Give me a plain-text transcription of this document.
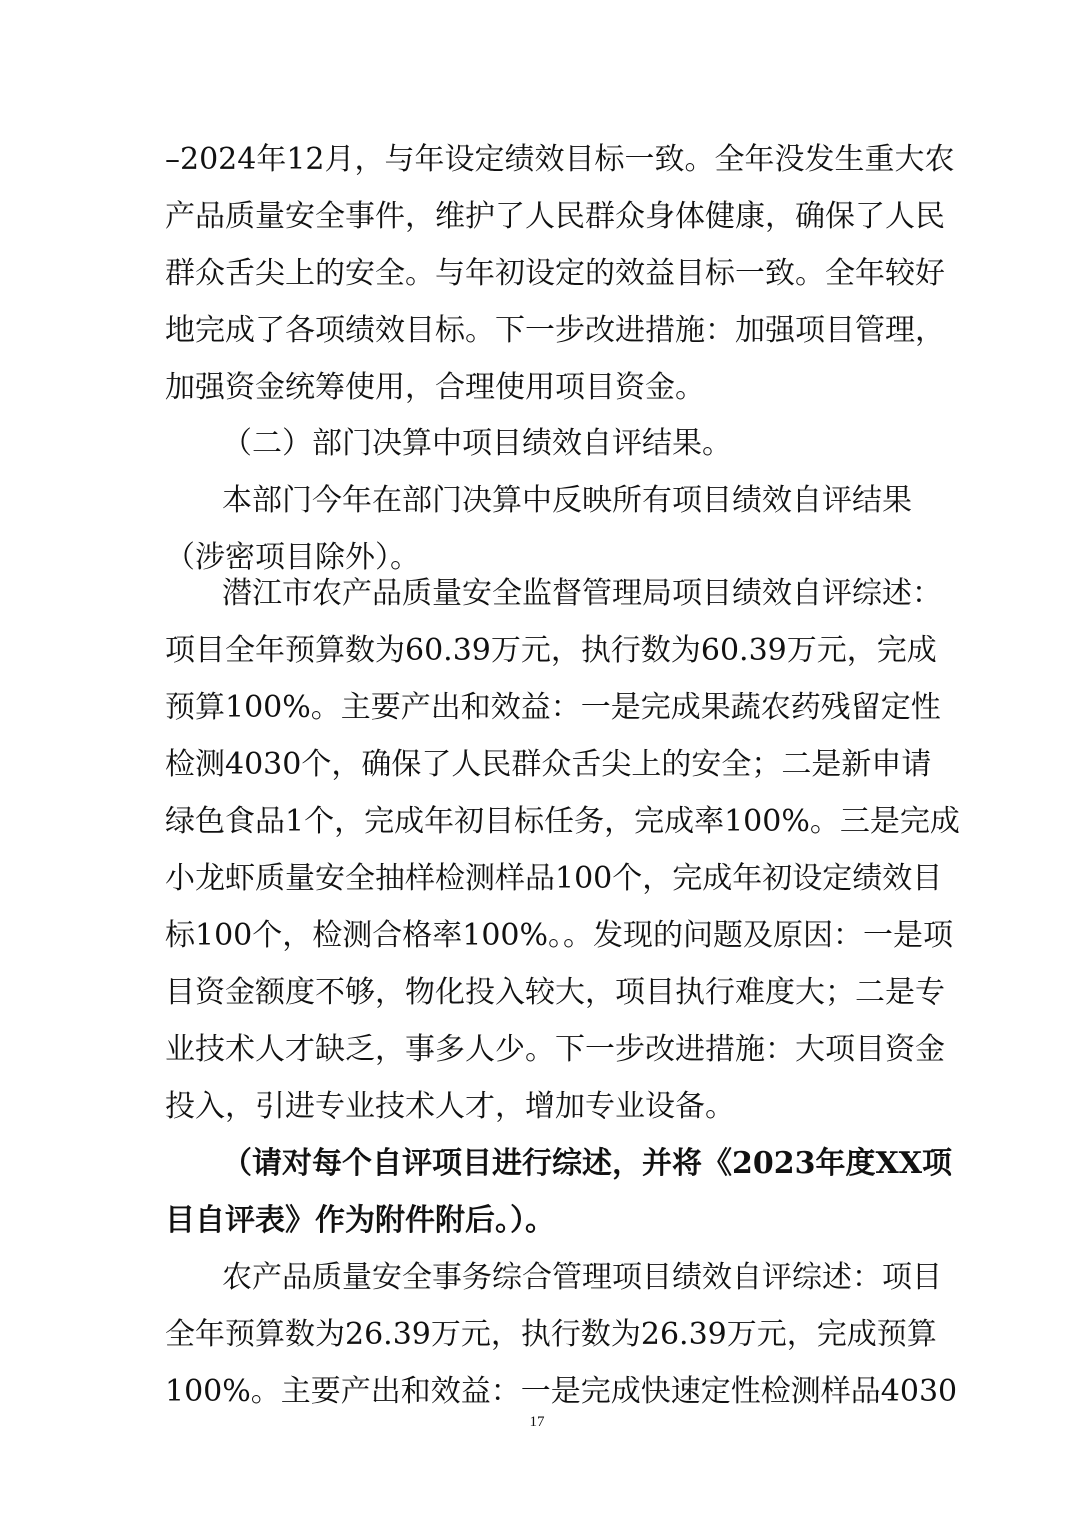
–2024年12月，与年设定绩效目标一致。全年没发生重大农
产品质量安全事件，维护了人民群众身体健康，确保了人民
群众舌尖上的安全。与年初设定的效益目标一致。全年较好
地完成了各项绩效目标。下一步改进措施：加强项目管理，
加强资金统筹使用，合理使用项目资金。
（二）部门决算中项目绩效自评结果。
本部门今年在部门决算中反映所有项目绩效自评结果
（涉密项目除外）。
潜江市农产品质量安全监督管理局项目绩效自评综述：
项目全年预算数为60.39万元，执行数为60.39万元，完成
预算100%。主要产出和效益：一是完成果蔬农药残留定性
检测4030个，确保了人民群众舌尖上的安全；二是新申请
绿色食品1个，完成年初目标任务，完成率100%。三是完成
小龙虾质量安全抽样检测样品100个，完成年初设定绩效目
标100个，检测合格率100%。。发现的问题及原因：一是项
目资金额度不够，物化投入较大，项目执行难度大；二是专
业技术人才缺乏，事多人少。下一步改进措施：大项目资金
投入，引进专业技术人才，增加专业设备。
（请对每个自评项目进行综述，并将《2023年度XX项
目自评表》作为附件附后。）。
农产品质量安全事务综合管理项目绩效自评综述：项目
全年预算数为26.39万元，执行数为26.39万元，完成预算
100%。主要产出和效益：一是完成快速定性检测样品4030
17
